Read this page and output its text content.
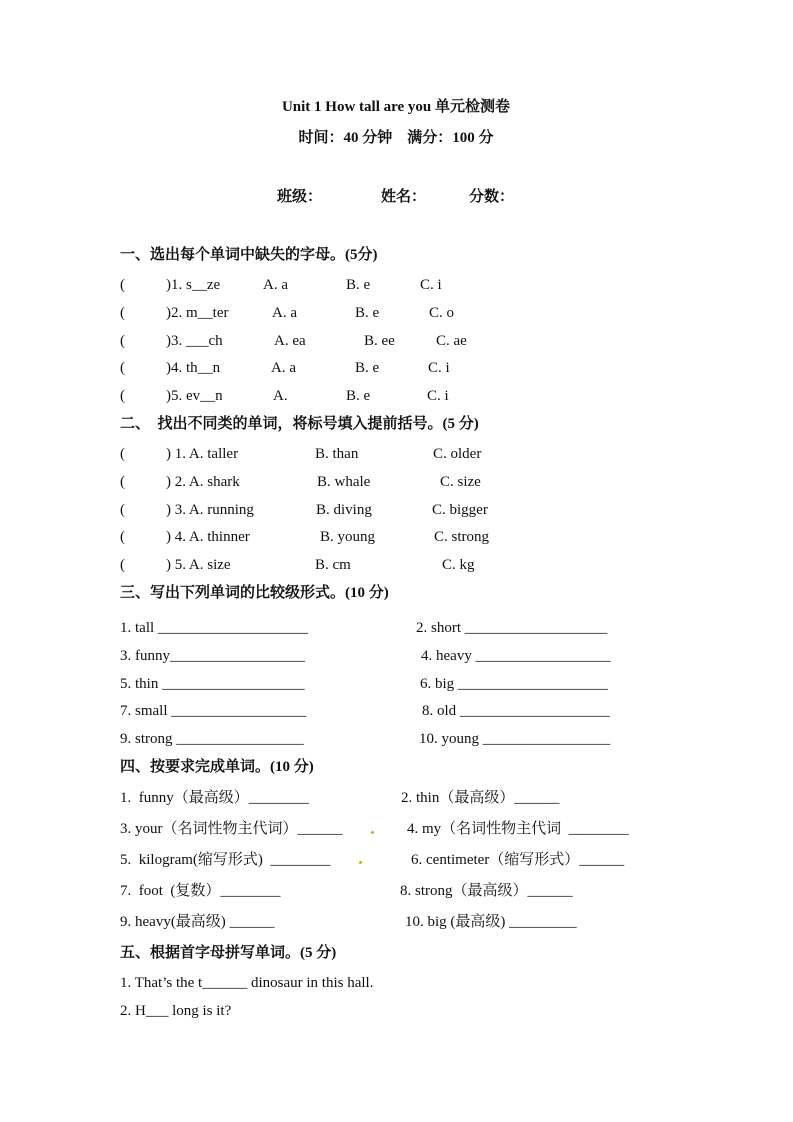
Unit 1 How tall are you 单元检测卷
时间：40 分钟    满分：100 分
班级：	姓名：	分数：
一、选出每个单词中缺失的字母。(5分)
(	)1. s__ze	A. a	B. e	C. i
(	)2. m__ter	A. a	B. e	C. o
(	)3. ___ch	A. ea	B. ee	C. ae
(	)4. th__n	A. a	B. e	C. i
(	)5. ev__n	A.	B. e	C. i
二、  找出不同类的单词，将标号填入提前括号。(5 分)
(	) 1. A. taller	B. than	C. older
(	) 2. A. shark	B. whale	C. size
(	) 3. A. running	B. diving	C. bigger
(	) 4. A. thinner	B. young	C. strong
(	) 5. A. size	B. cm	C. kg
三、写出下列单词的比较级形式。(10 分)
1. tall ____________________	2. short ___________________
3. funny__________________	4. heavy __________________
5. thin ___________________	6. big ____________________
7. small __________________	8. old ____________________
9. strong _________________	10. young _________________
四、按要求完成单词。(10 分)
1.  funny（最高级）________	2. thin（最高级）______
3. your（名词性物主代词）______	4. my（名词性物主代词  ________
5.  kilogram(缩写形式)  ________	6. centimeter（缩写形式）______
7.  foot  (复数）________	8. strong（最高级）______
9. heavy(最高级) ______	10. big (最高级) _________
五、根据首字母拼写单词。(5 分)
1. That’s the t______ dinosaur in this hall.
2. H___ long is it?
